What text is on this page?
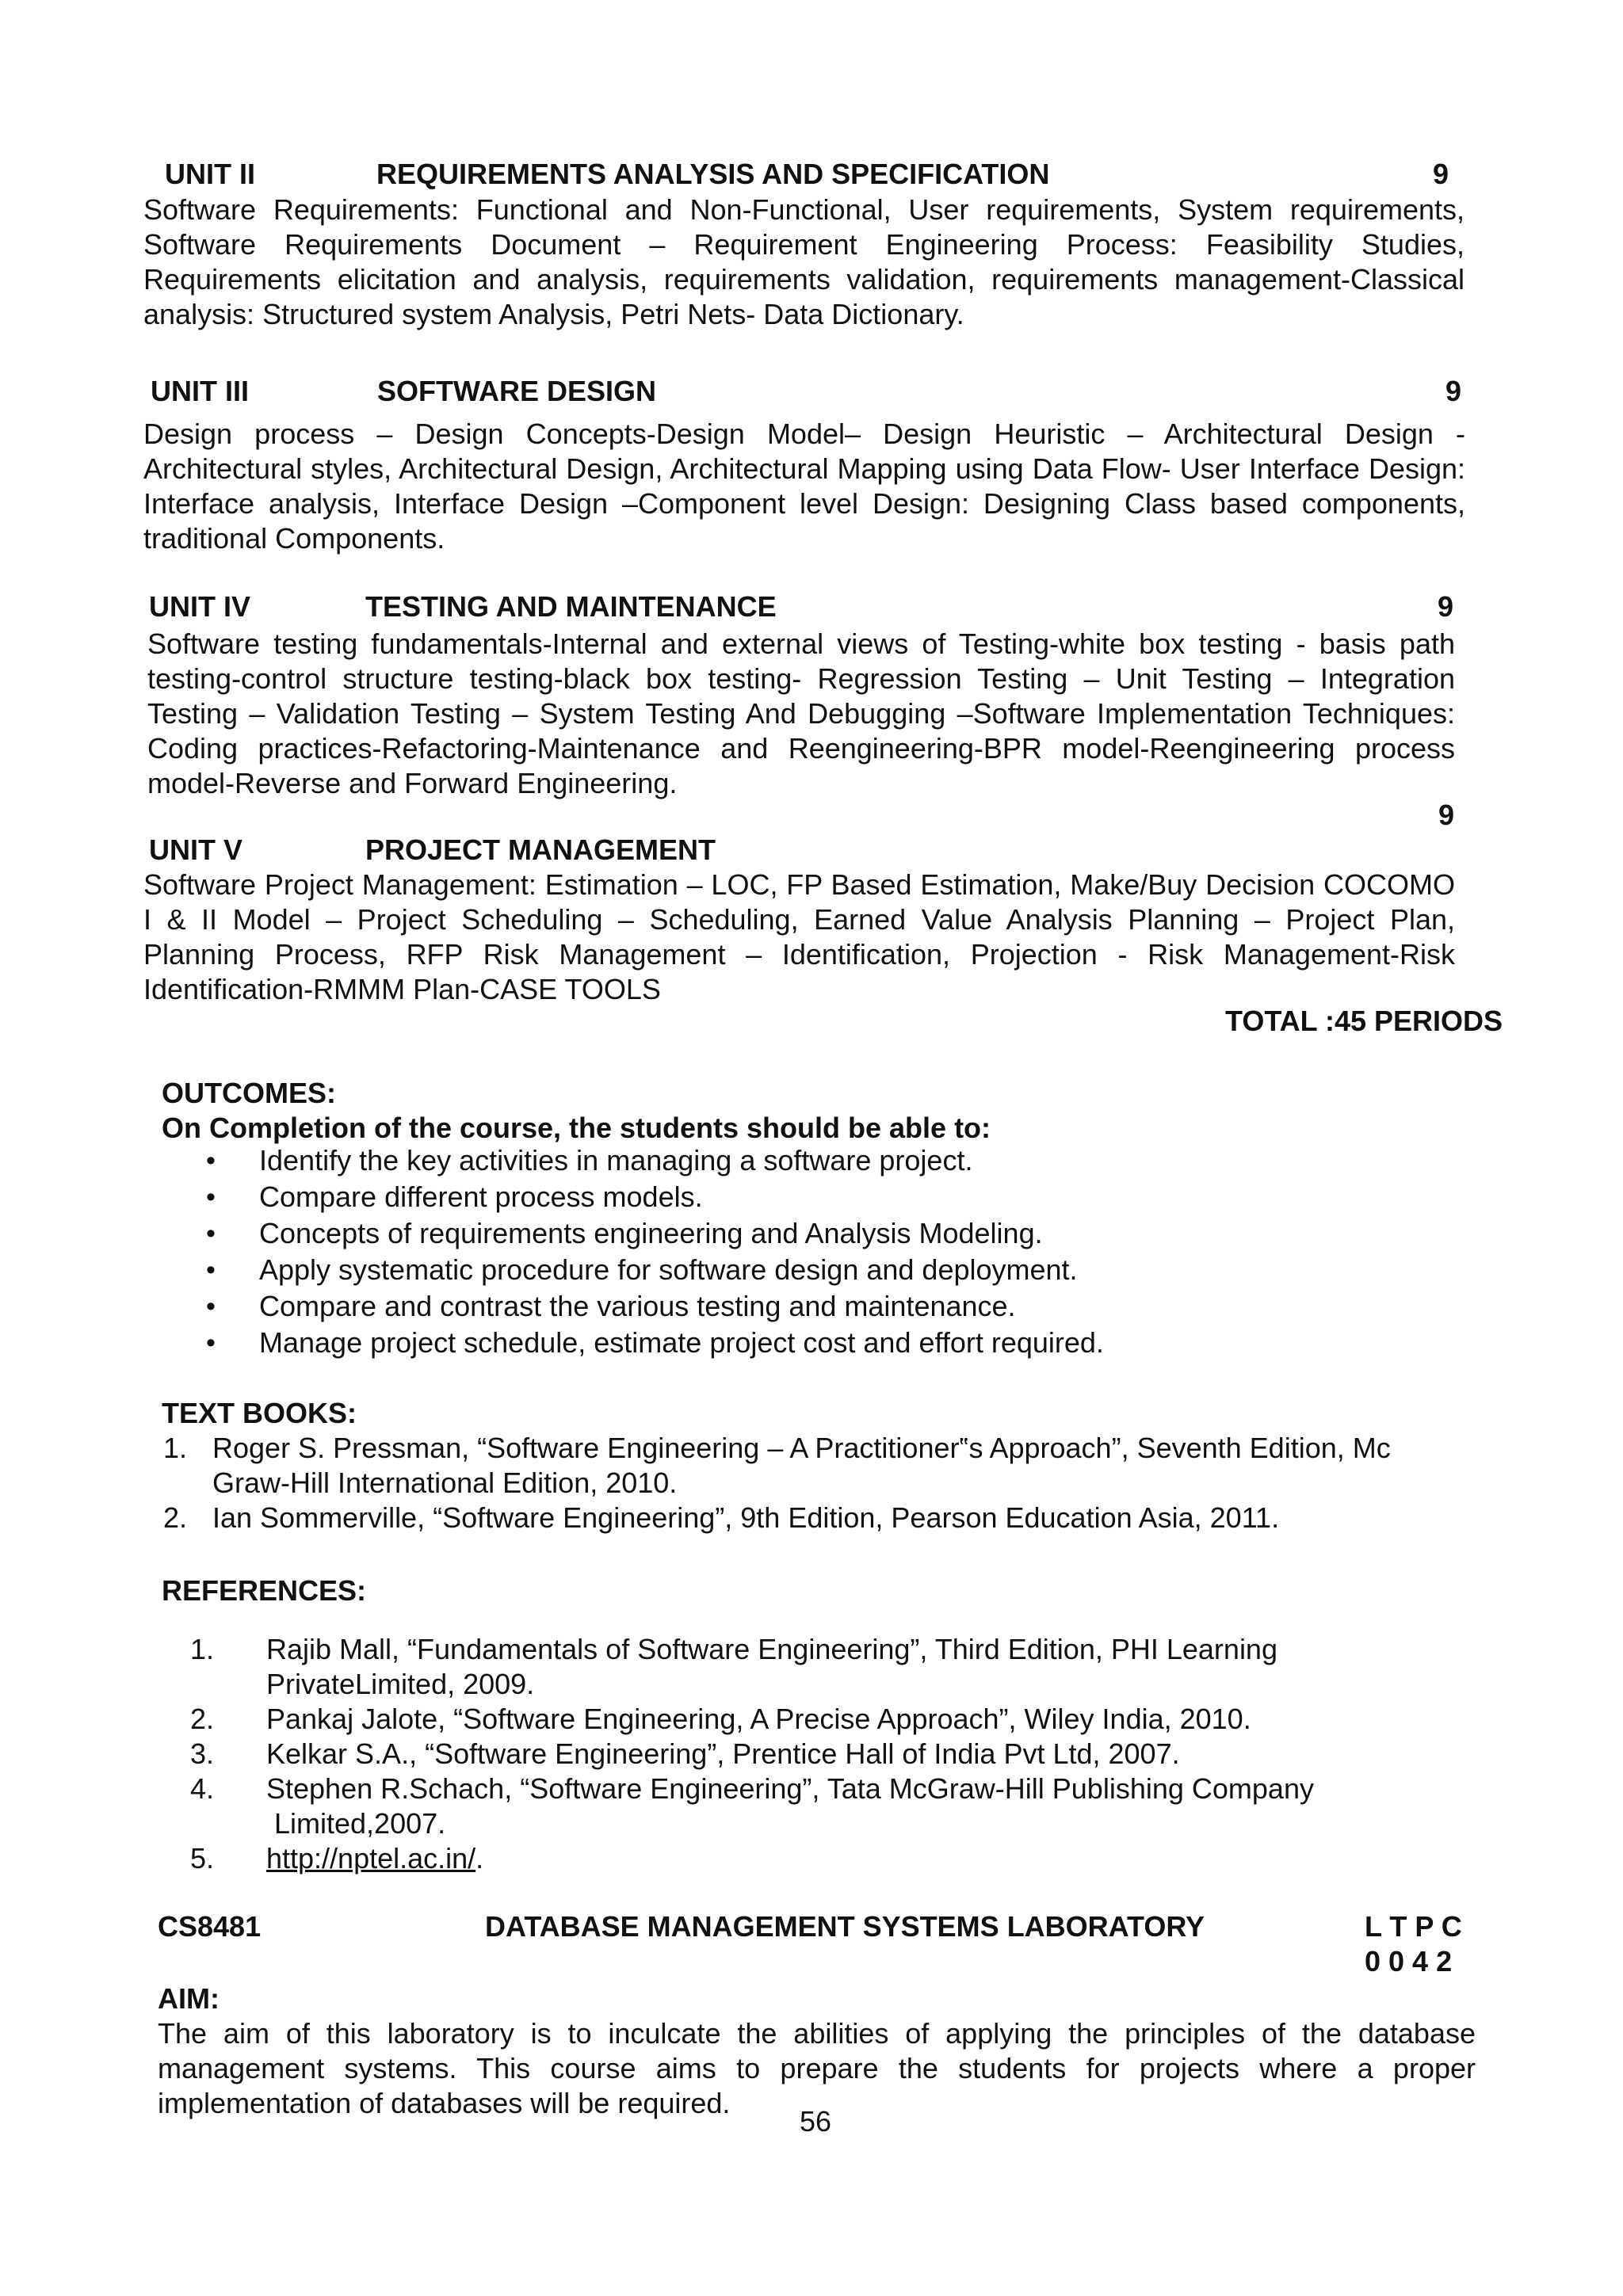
UNIT II	REQUIREMENTS ANALYSIS AND SPECIFICATION	9
Software Requirements: Functional and Non-Functional, User requirements, System requirements, Software Requirements Document – Requirement Engineering Process: Feasibility Studies, Requirements elicitation and analysis, requirements validation, requirements management-Classical analysis: Structured system Analysis, Petri Nets- Data Dictionary.
UNIT III	SOFTWARE DESIGN	9
Design process – Design Concepts-Design Model– Design Heuristic – Architectural Design - Architectural styles, Architectural Design, Architectural Mapping using Data Flow- User Interface Design: Interface analysis, Interface Design –Component level Design: Designing Class based components, traditional Components.
UNIT IV	TESTING AND MAINTENANCE	9
Software testing fundamentals-Internal and external views of Testing-white box testing - basis path testing-control structure testing-black box testing- Regression Testing – Unit Testing – Integration Testing – Validation Testing – System Testing And Debugging –Software Implementation Techniques: Coding practices-Refactoring-Maintenance and Reengineering-BPR model-Reengineering process model-Reverse and Forward Engineering.
9
UNIT V	PROJECT MANAGEMENT
Software Project Management: Estimation – LOC, FP Based Estimation, Make/Buy Decision COCOMO I & II Model – Project Scheduling – Scheduling, Earned Value Analysis Planning – Project Plan, Planning Process, RFP Risk Management – Identification, Projection - Risk Management-Risk Identification-RMMM Plan-CASE TOOLS
TOTAL :45 PERIODS
OUTCOMES:
On Completion of the course, the students should be able to:
• Identify the key activities in managing a software project.
• Compare different process models.
• Concepts of requirements engineering and Analysis Modeling.
• Apply systematic procedure for software design and deployment.
• Compare and contrast the various testing and maintenance.
• Manage project schedule, estimate project cost and effort required.
TEXT BOOKS:
1. Roger S. Pressman, “Software Engineering – A Practitioner‟s Approach”, Seventh Edition, Mc Graw-Hill International Edition, 2010.
2. Ian Sommerville, “Software Engineering”, 9th Edition, Pearson Education Asia, 2011.
REFERENCES:
1. Rajib Mall, “Fundamentals of Software Engineering”, Third Edition, PHI Learning
PrivateLimited, 2009.
2. Pankaj Jalote, “Software Engineering, A Precise Approach”, Wiley India, 2010.
3. Kelkar S.A., “Software Engineering”, Prentice Hall of India Pvt Ltd, 2007.
4. Stephen R.Schach, “Software Engineering”, Tata McGraw-Hill Publishing Company
Limited,2007.
5. http://nptel.ac.in/.
CS8481	DATABASE MANAGEMENT SYSTEMS LABORATORY	L T P C
0 0 4 2
AIM:
The aim of this laboratory is to inculcate the abilities of applying the principles of the database management systems. This course aims to prepare the students for projects where a proper implementation of databases will be required.
56
